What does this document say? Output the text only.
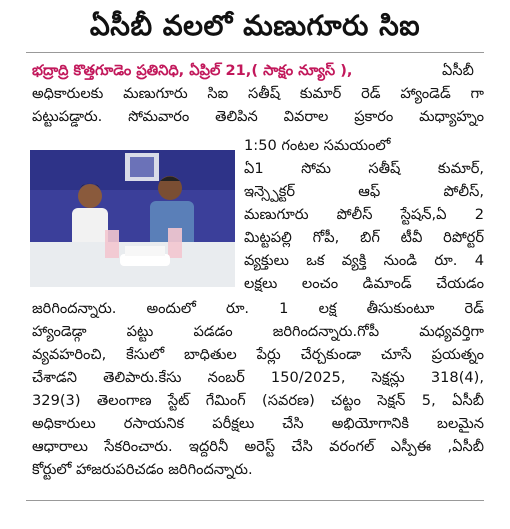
ఏసీబీ వలలో మణుగూరు సిఐ
భద్రాద్రి కొత్తగూడెం ప్రతినిధి, ఏప్రిల్ 21,( సాక్షం న్యూస్ ),	ఏసీబీ
అధికారులకు మణుగూరు సిఐ సతీష్ కుమార్ రెడ్ హ్యాండెడ్ గా
పట్టుపడ్డారు. సోమవారం తెలిపిన వివరాల ప్రకారం మధ్యాహ్నం
1:50 గంటల సమయంలో
ఏ1 సోమ సతీష్ కుమార్,
ఇన్స్పెక్టర్ ఆఫ్ పోలీస్,
మణుగూరు పోలీస్ స్టేషన్,ఏ 2
మిట్టపల్లి గోపీ, బిగ్ టీవీ రిపోర్టర్
వ్యక్తులు ఒక వ్యక్తి నుండి రూ. 4
లక్షలు లంచం డిమాండ్ చేయడం
జరిగిందన్నారు. అందులో రూ. 1 లక్ష తీసుకుంటూ రెడ్
హ్యాండెడ్గా పట్టు పడడం జరిగిందన్నారు.గోపీ మధ్యవర్తిగా
వ్యవహరించి, కేసులో బాధితుల పేర్లు చేర్చకుండా చూసే ప్రయత్నం
చేశాడని తెలిపారు.కేసు నంబర్ 150/2025, సెక్షన్లు 318(4),
329(3) తెలంగాణ స్టేట్ గేమింగ్ (సవరణ) చట్టం సెక్షన్ 5, ఏసీబీ
అధికారులు రసాయనిక పరీక్షలు చేసి అభియోగానికి బలమైన
ఆధారాలు సేకరించారు. ఇద్దరినీ అరెస్ట్ చేసి వరంగల్ ఎస్పీఈ ,ఏసీబీ
కోర్టులో హాజరుపరిచడం జరిగిందన్నారు.
